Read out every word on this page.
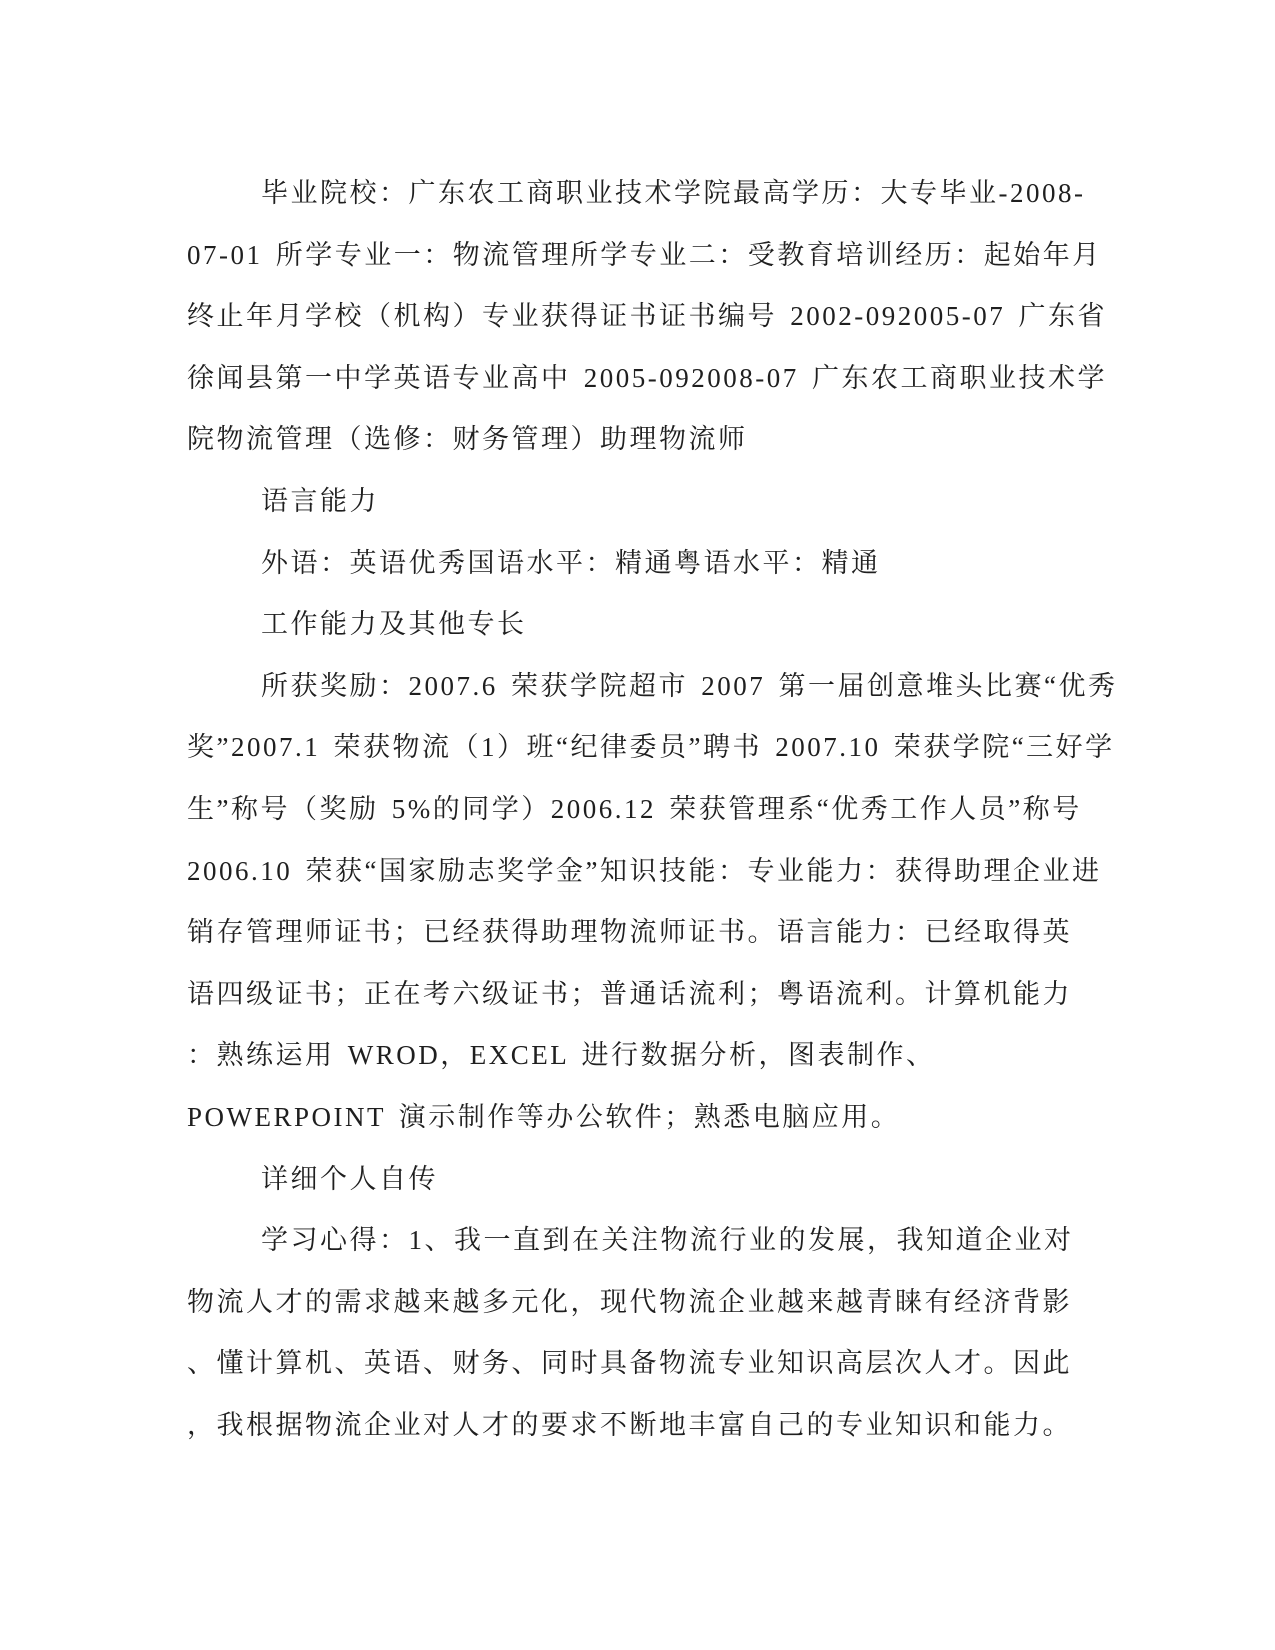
毕业院校：广东农工商职业技术学院最高学历：大专毕业-2008-
07-01 所学专业一：物流管理所学专业二：受教育培训经历：起始年月
终止年月学校（机构）专业获得证书证书编号 2002-092005-07 广东省
徐闻县第一中学英语专业高中 2005-092008-07 广东农工商职业技术学
院物流管理（选修：财务管理）助理物流师
语言能力
外语：英语优秀国语水平：精通粤语水平：精通
工作能力及其他专长
所获奖励：2007.6 荣获学院超市 2007 第一届创意堆头比赛“优秀
奖”2007.1 荣获物流（1）班“纪律委员”聘书 2007.10 荣获学院“三好学
生”称号（奖励 5%的同学）2006.12 荣获管理系“优秀工作人员”称号
2006.10 荣获“国家励志奖学金”知识技能：专业能力：获得助理企业进
销存管理师证书；已经获得助理物流师证书。语言能力：已经取得英
语四级证书；正在考六级证书；普通话流利；粤语流利。计算机能力
：熟练运用 WROD，EXCEL 进行数据分析，图表制作、
POWERPOINT 演示制作等办公软件；熟悉电脑应用。
详细个人自传
学习心得：1、我一直到在关注物流行业的发展，我知道企业对
物流人才的需求越来越多元化，现代物流企业越来越青睐有经济背影
、懂计算机、英语、财务、同时具备物流专业知识高层次人才。因此
，我根据物流企业对人才的要求不断地丰富自己的专业知识和能力。
